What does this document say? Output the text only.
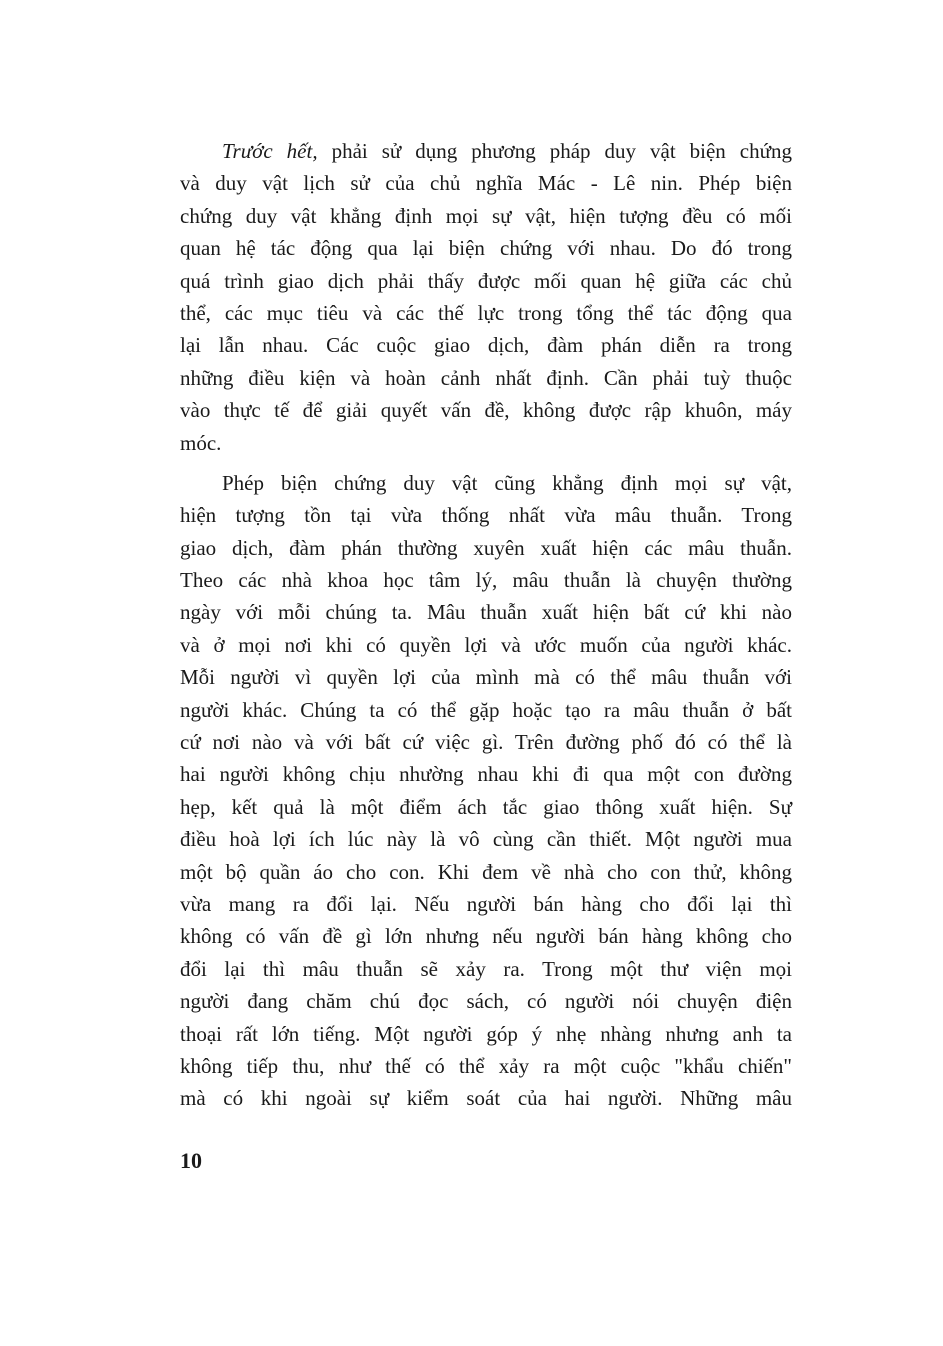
Trước hết, phải sử dụng phương pháp duy vật biện chứng
và duy vật lịch sử của chủ nghĩa Mác - Lê nin. Phép biện
chứng duy vật khẳng định mọi sự vật, hiện tượng đều có mối
quan hệ tác động qua lại biện chứng với nhau. Do đó trong
quá trình giao dịch phải thấy được mối quan hệ giữa các chủ
thể, các mục tiêu và các thế lực trong tổng thể tác động qua
lại lẫn nhau. Các cuộc giao dịch, đàm phán diễn ra trong
những điều kiện và hoàn cảnh nhất định. Cần phải tuỳ thuộc
vào thực tế để giải quyết vấn đề, không được rập khuôn, máy
móc.
Phép biện chứng duy vật cũng khẳng định mọi sự vật,
hiện tượng tồn tại vừa thống nhất vừa mâu thuẫn. Trong
giao dịch, đàm phán thường xuyên xuất hiện các mâu thuẫn.
Theo các nhà khoa học tâm lý, mâu thuẫn là chuyện thường
ngày với mỗi chúng ta. Mâu thuẫn xuất hiện bất cứ khi nào
và ở mọi nơi khi có quyền lợi và ước muốn của người khác.
Mỗi người vì quyền lợi của mình mà có thể mâu thuẫn với
người khác. Chúng ta có thể gặp hoặc tạo ra mâu thuẫn ở bất
cứ nơi nào và với bất cứ việc gì. Trên đường phố đó có thể là
hai người không chịu nhường nhau khi đi qua một con đường
hẹp, kết quả là một điểm ách tắc giao thông xuất hiện. Sự
điều hoà lợi ích lúc này là vô cùng cần thiết. Một người mua
một bộ quần áo cho con. Khi đem về nhà cho con thử, không
vừa mang ra đổi lại. Nếu người bán hàng cho đổi lại thì
không có vấn đề gì lớn nhưng nếu người bán hàng không cho
đổi lại thì mâu thuẫn sẽ xảy ra. Trong một thư viện mọi
người đang chăm chú đọc sách, có người nói chuyện điện
thoại rất lớn tiếng. Một người góp ý nhẹ nhàng nhưng anh ta
không tiếp thu, như thế có thể xảy ra một cuộc "khẩu chiến"
mà có khi ngoài sự kiểm soát của hai người. Những mâu
10
